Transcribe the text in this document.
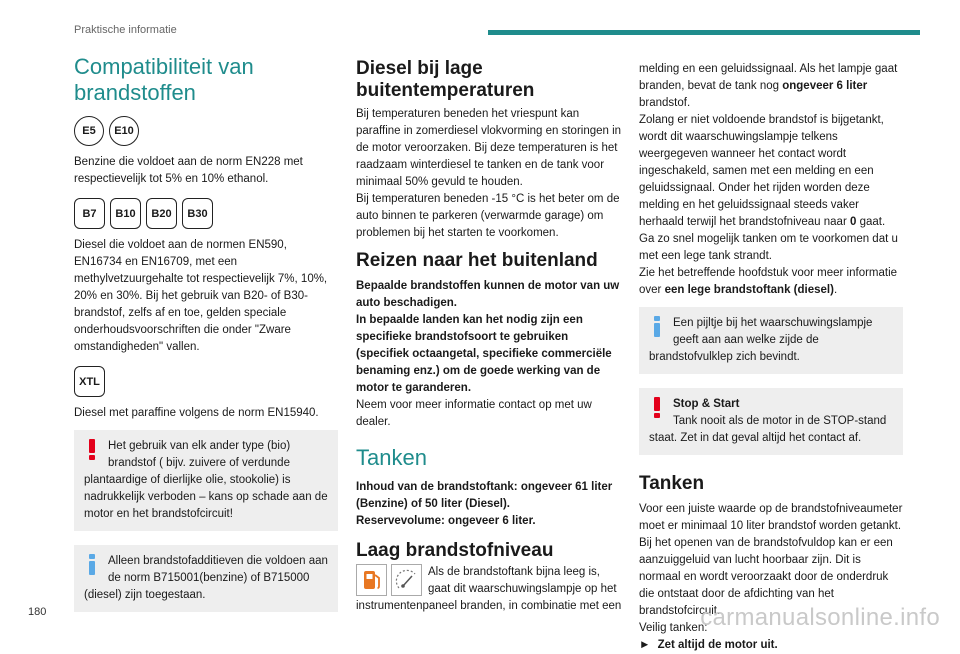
Praktische informatie
Compatibiliteit van brandstoffen
E5	E10

Benzine die voldoet aan de norm EN228 met respectievelijk tot 5% en 10% ethanol.

B7	B10	B20	B30

Diesel die voldoet aan de normen EN590, EN16734 en EN16709, met een methylvetzuurgehalte tot respectievelijk 7%, 10%, 20% en 30%. Bij het gebruik van B20- of B30-brandstof, zelfs af en toe, gelden speciale onderhoudsvoorschriften die onder "Zware omstandigheden" vallen.

XTL

Diesel met paraffine volgens de norm EN15940.

Het gebruik van elk ander type (bio) brandstof ( bijv. zuivere of verdunde
plantaardige of dierlijke olie, stookolie) is nadrukkelijk verboden – kans op schade aan de motor en het brandstofcircuit!
Alleen brandstofadditieven die voldoen aan de norm B715001(benzine) of B715000
(diesel) zijn toegestaan.
Diesel bij lage buitentemperaturen

Bij temperaturen beneden het vriespunt kan paraffine in zomerdiesel vlokvorming en storingen in de motor veroorzaken. Bij deze temperaturen is het raadzaam winterdiesel te tanken en de tank voor minimaal 50% gevuld te houden.

Bij temperaturen beneden -15 °C is het beter om de auto binnen te parkeren (verwarmde garage) om problemen bij het starten te voorkomen.

Reizen naar het buitenland

Bepaalde brandstoffen kunnen de motor van uw auto beschadigen.

In bepaalde landen kan het nodig zijn een specifieke brandstofsoort te gebruiken (specifiek octaangetal, specifieke commerciële benaming enz.) om de goede werking van de motor te garanderen.

Neem voor meer informatie contact op met uw dealer.

Tanken

Inhoud van de brandstoftank: ongeveer 61 liter (Benzine) of 50 liter (Diesel).

Reservevolume: ongeveer 6 liter.

Laag brandstofniveau

Als de brandstoftank bijna leeg is, gaat dit waarschuwingslampje op het instrumentenpaneel branden, in combinatie met een

melding en een geluidssignaal. Als het lampje gaat branden, bevat de tank nog ongeveer 6 liter brandstof.

Zolang er niet voldoende brandstof is bijgetankt, wordt dit waarschuwingslampje telkens weergegeven wanneer het contact wordt ingeschakeld, samen met een melding en een geluidssignaal. Onder het rijden worden deze melding en het geluidssignaal steeds vaker herhaald terwijl het brandstofniveau naar 0 gaat.

Ga zo snel mogelijk tanken om te voorkomen dat u met een lege tank strandt.

Zie het betreffende hoofdstuk voor meer informatie over een lege brandstoftank (diesel).

Een pijltje bij het waarschuwingslampje geeft aan aan welke zijde de
brandstofvulklep zich bevindt.
Stop & Start
Tank nooit als de motor in de STOP-stand
staat. Zet in dat geval altijd het contact af.
Tanken

Voor een juiste waarde op de brandstofniveaumeter moet er minimaal 10 liter brandstof worden getankt. Bij het openen van de brandstofvuldop kan er een aanzuiggeluid van lucht hoorbaar zijn. Dit is normaal en wordt veroorzaakt door de onderdruk die ontstaat door de afdichting van het brandstofcircuit.

Veilig tanken:

► Zet altijd de motor uit.

180	carmanualsonline.info
